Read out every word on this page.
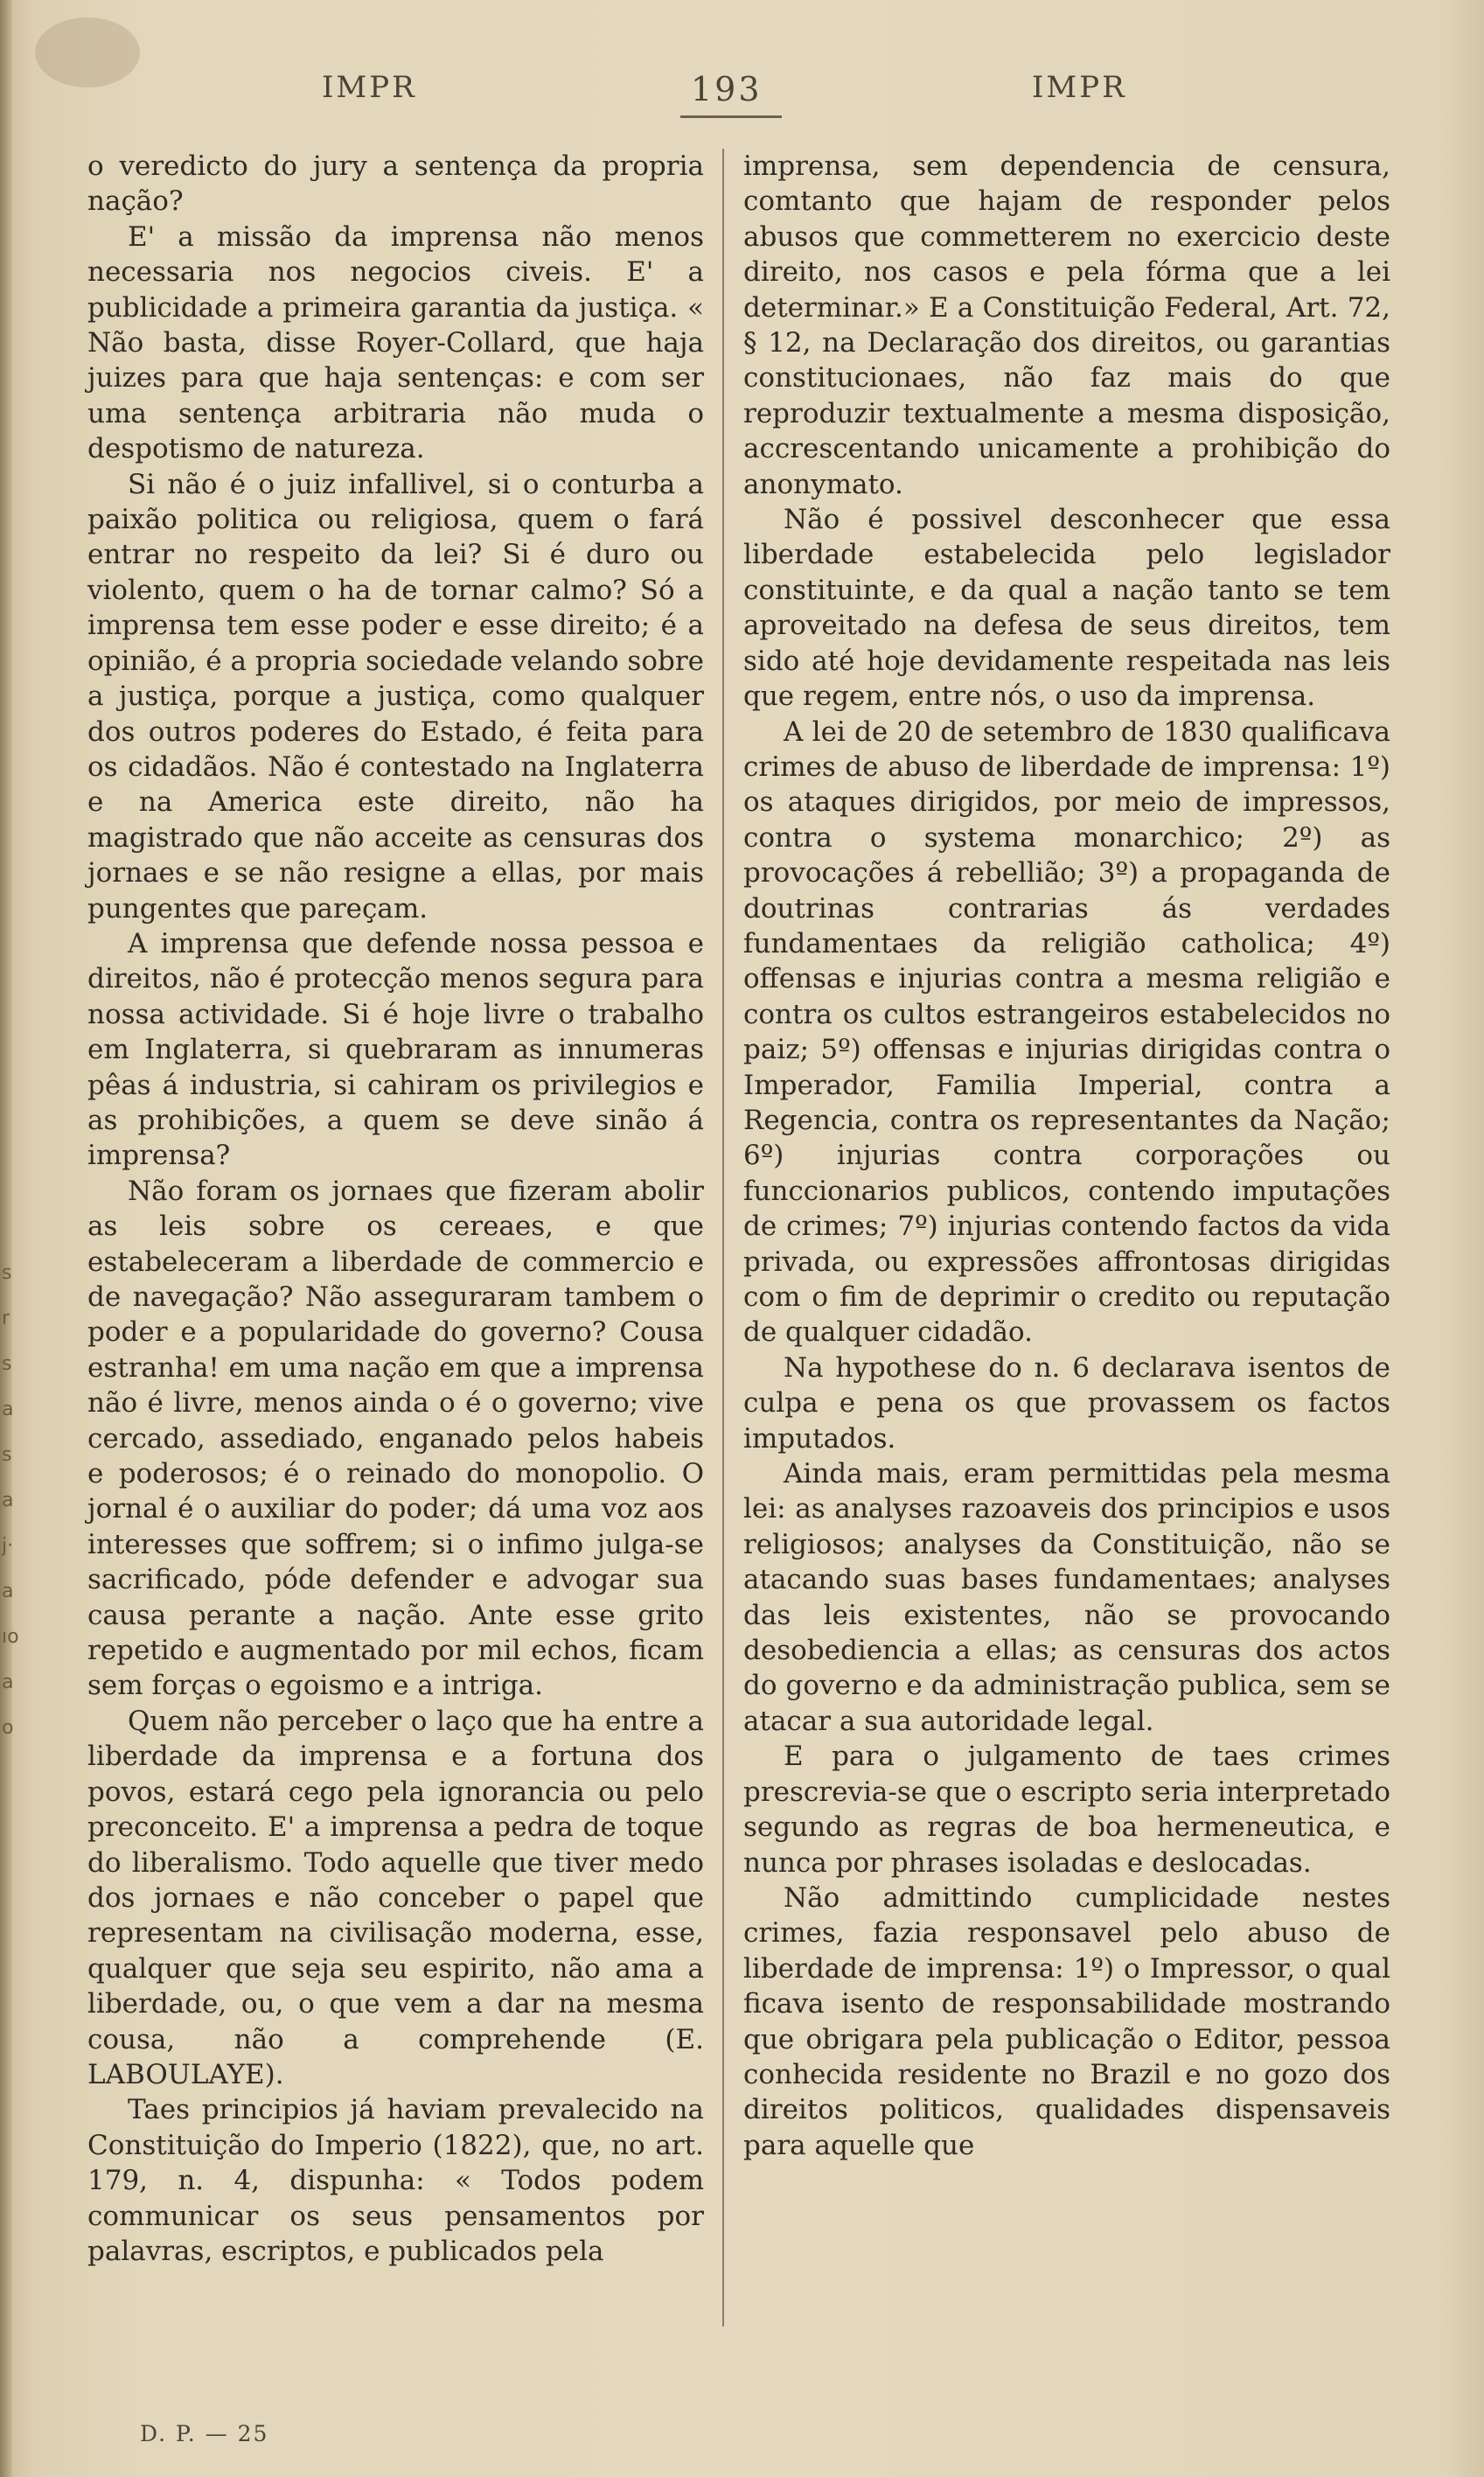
s r s a s a j· a ıo a o
IMPR	193	IMPR

o veredicto do jury a sentença da propria nação?

E' a missão da imprensa não menos necessaria nos negocios civeis. E' a publicidade a primeira garantia da justiça. « Não basta, disse Royer-Collard, que haja juizes para que haja sentenças: e com ser uma sentença arbitraria não muda o despotismo de natureza.

Si não é o juiz infallivel, si o conturba a paixão politica ou religiosa, quem o fará entrar no respeito da lei? Si é duro ou violento, quem o ha de tornar calmo? Só a imprensa tem esse poder e esse direito; é a opinião, é a propria sociedade velando sobre a justiça, porque a justiça, como qualquer dos outros poderes do Estado, é feita para os cidadãos. Não é contestado na Inglaterra e na America este direito, não ha magistrado que não acceite as censuras dos jornaes e se não resigne a ellas, por mais pungentes que pareçam.

A imprensa que defende nossa pessoa e direitos, não é protecção menos segura para nossa actividade. Si é hoje livre o trabalho em Inglaterra, si quebraram as innumeras pêas á industria, si cahiram os privilegios e as prohibições, a quem se deve sinão á imprensa?

Não foram os jornaes que fizeram abolir as leis sobre os cereaes, e que estabeleceram a liberdade de commercio e de navegação? Não asseguraram tambem o poder e a popularidade do governo? Cousa estranha! em uma nação em que a imprensa não é livre, menos ainda o é o governo; vive cercado, assediado, enganado pelos habeis e poderosos; é o reinado do monopolio. O jornal é o auxiliar do poder; dá uma voz aos interesses que soffrem; si o infimo julga-se sacrificado, póde defender e advogar sua causa perante a nação. Ante esse grito repetido e augmentado por mil echos, ficam sem forças o egoismo e a intriga.

Quem não perceber o laço que ha entre a liberdade da imprensa e a fortuna dos povos, estará cego pela ignorancia ou pelo preconceito. E' a imprensa a pedra de toque do liberalismo. Todo aquelle que tiver medo dos jornaes e não conceber o papel que representam na civilisação moderna, esse, qualquer que seja seu espirito, não ama a liberdade, ou, o que vem a dar na mesma cousa, não a comprehende (E. LABOULAYE).

Taes principios já haviam prevalecido na Constituição do Imperio (1822), que, no art. 179, n. 4, dispunha: « Todos podem communicar os seus pensamentos por palavras, escriptos, e publicados pela

imprensa, sem dependencia de censura, comtanto que hajam de responder pelos abusos que commetterem no exercicio deste direito, nos casos e pela fórma que a lei determinar.» E a Constituição Federal, Art. 72, § 12, na Declaração dos direitos, ou garantias constitucionaes, não faz mais do que reproduzir textualmente a mesma disposição, accrescentando unicamente a prohibição do anonymato.

Não é possivel desconhecer que essa liberdade estabelecida pelo legislador constituinte, e da qual a nação tanto se tem aproveitado na defesa de seus direitos, tem sido até hoje devidamente respeitada nas leis que regem, entre nós, o uso da imprensa.

A lei de 20 de setembro de 1830 qualificava crimes de abuso de liberdade de imprensa: 1º) os ataques dirigidos, por meio de impressos, contra o systema monarchico; 2º) as provocações á rebellião; 3º) a propaganda de doutrinas contrarias ás verdades fundamentaes da religião catholica; 4º) offensas e injurias contra a mesma religião e contra os cultos estrangeiros estabelecidos no paiz; 5º) offensas e injurias dirigidas contra o Imperador, Familia Imperial, contra a Regencia, contra os representantes da Nação; 6º) injurias contra corporações ou funccionarios publicos, contendo imputações de crimes; 7º) injurias contendo factos da vida privada, ou expressões affrontosas dirigidas com o fim de deprimir o credito ou reputação de qualquer cidadão.

Na hypothese do n. 6 declarava isentos de culpa e pena os que provassem os factos imputados.

Ainda mais, eram permittidas pela mesma lei: as analyses razoaveis dos principios e usos religiosos; analyses da Constituição, não se atacando suas bases fundamentaes; analyses das leis existentes, não se provocando desobediencia a ellas; as censuras dos actos do governo e da administração publica, sem se atacar a sua autoridade legal.

E para o julgamento de taes crimes prescrevia-se que o escripto seria interpretado segundo as regras de boa hermeneutica, e nunca por phrases isoladas e deslocadas.

Não admittindo cumplicidade nestes crimes, fazia responsavel pelo abuso de liberdade de imprensa: 1º) o Impressor, o qual ficava isento de responsabilidade mostrando que obrigara pela publicação o Editor, pessoa conhecida residente no Brazil e no gozo dos direitos politicos, qualidades dispensaveis para aquelle que

D. P. — 25
